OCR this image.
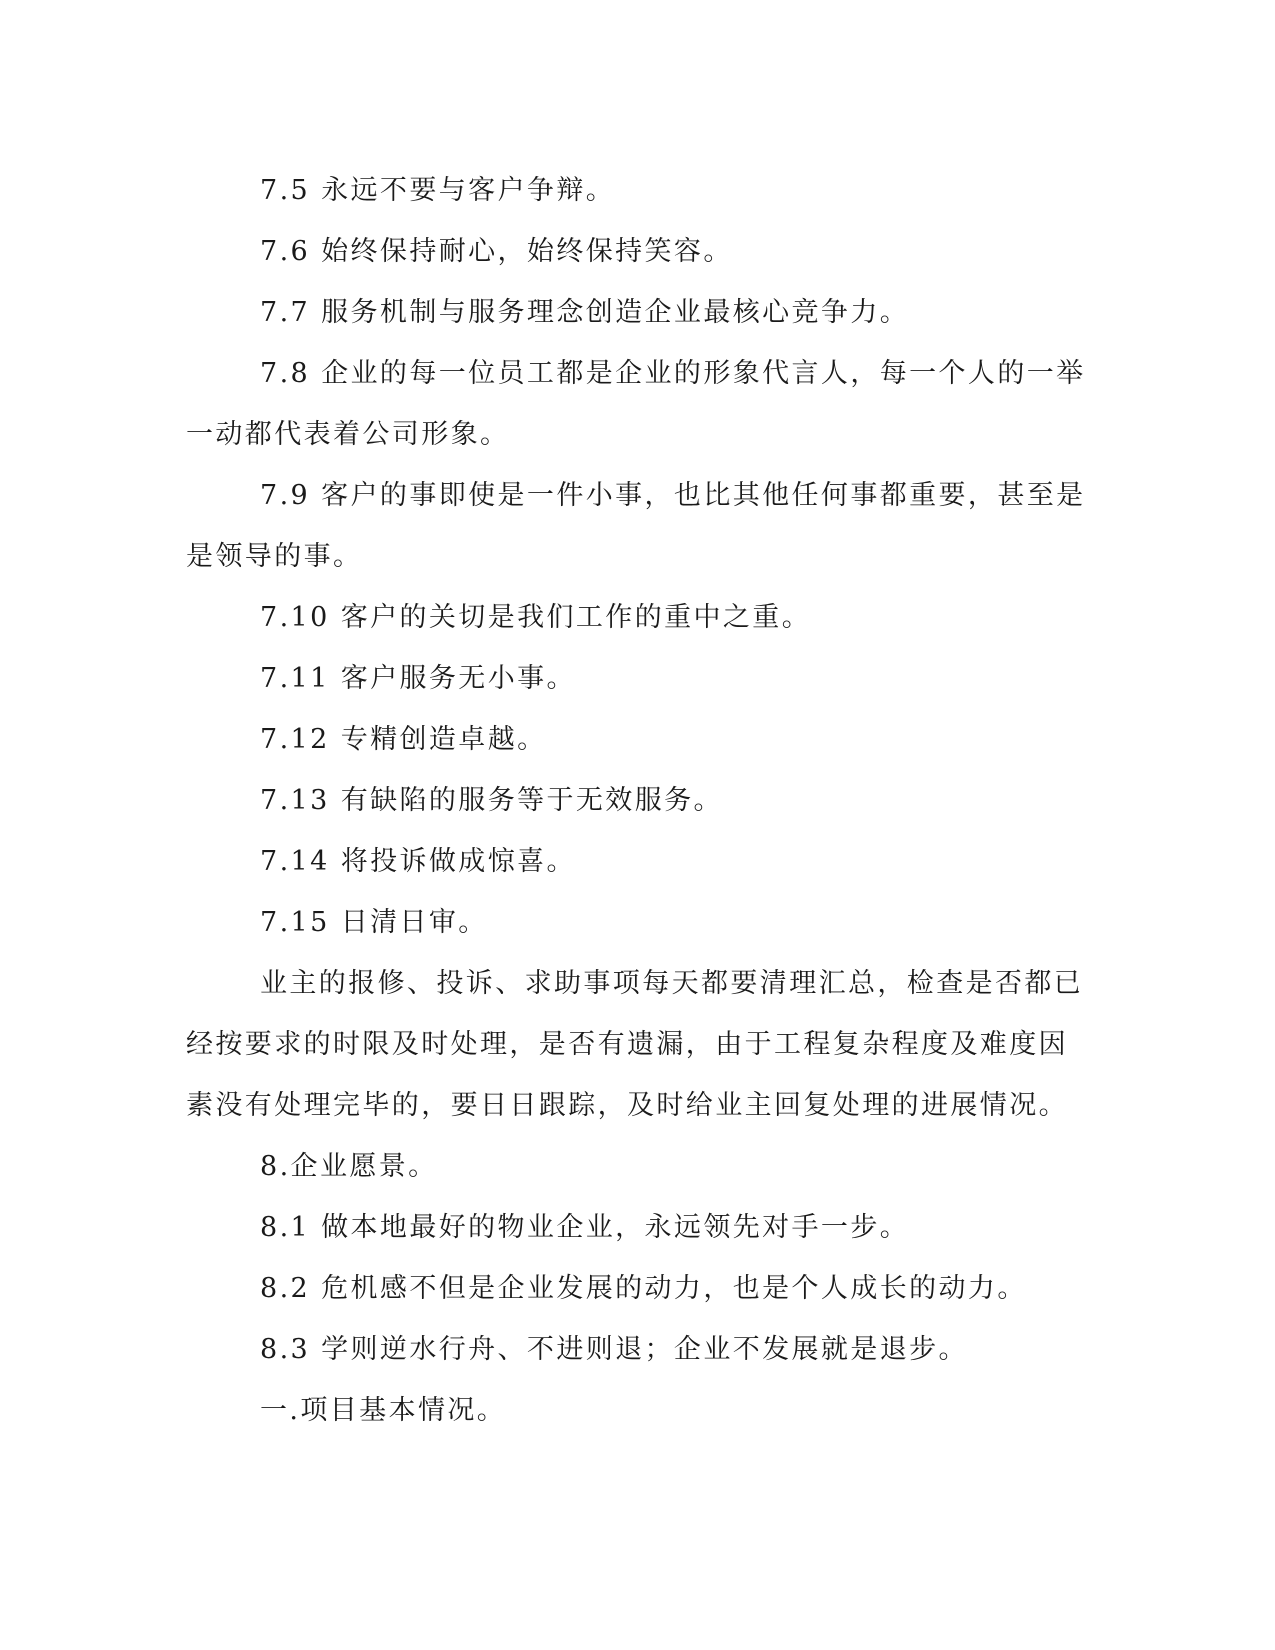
7.5 永远不要与客户争辩。

7.6 始终保持耐心，始终保持笑容。

7.7 服务机制与服务理念创造企业最核心竞争力。

7.8 企业的每一位员工都是企业的形象代言人，每一个人的一举一动都代表着公司形象。

7.9 客户的事即使是一件小事，也比其他任何事都重要，甚至是是领导的事。

7.10 客户的关切是我们工作的重中之重。

7.11 客户服务无小事。

7.12 专精创造卓越。

7.13 有缺陷的服务等于无效服务。

7.14 将投诉做成惊喜。

7.15 日清日审。

业主的报修、投诉、求助事项每天都要清理汇总，检查是否都已经按要求的时限及时处理，是否有遗漏，由于工程复杂程度及难度因素没有处理完毕的，要日日跟踪，及时给业主回复处理的进展情况。

8.企业愿景。

8.1 做本地最好的物业企业，永远领先对手一步。

8.2 危机感不但是企业发展的动力，也是个人成长的动力。

8.3 学则逆水行舟、不进则退；企业不发展就是退步。

一.项目基本情况。
